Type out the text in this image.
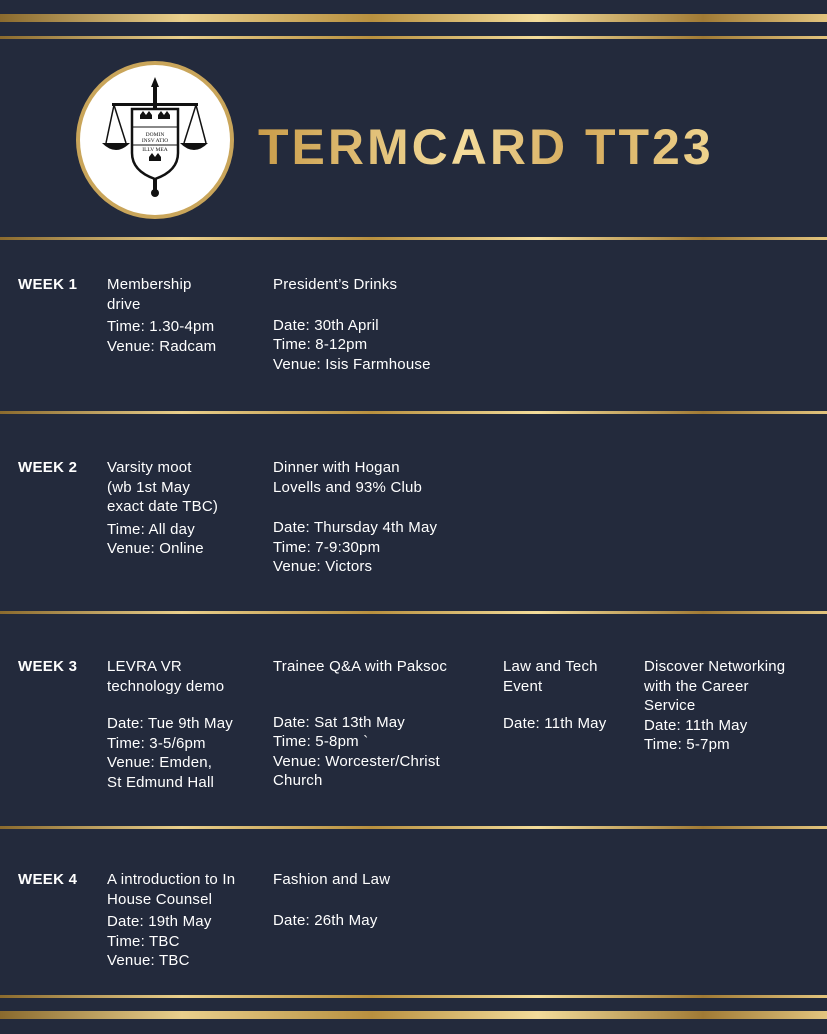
DOMIN
INSV ATIO
ILLV MEA TERMCARD TT23
WEEK 1
WEEK 2
WEEK 3
WEEK 4
Membership
drive
Time: 1.30-4pm
Venue: Radcam
President’s Drinks
Date: 30th April
Time: 8-12pm
Venue: Isis Farmhouse
Varsity moot
(wb 1st May
exact date TBC)
Time: All day
Venue: Online
Dinner with Hogan
Lovells and 93% Club
Date: Thursday 4th May
Time: 7-9:30pm
Venue: Victors
LEVRA VR
technology demo
Date: Tue 9th May
Time: 3-5/6pm
Venue: Emden,
St Edmund Hall
Trainee Q&A with Paksoc
Date: Sat 13th May
Time: 5-8pm `
Venue: Worcester/Christ
Church
Law and Tech
Event
Date: 11th May
Discover Networking
with the Career
Service
Date: 11th May
Time: 5-7pm
A introduction to In
House Counsel
Date: 19th May
Time: TBC
Venue: TBC
Fashion and Law
Date: 26th May
